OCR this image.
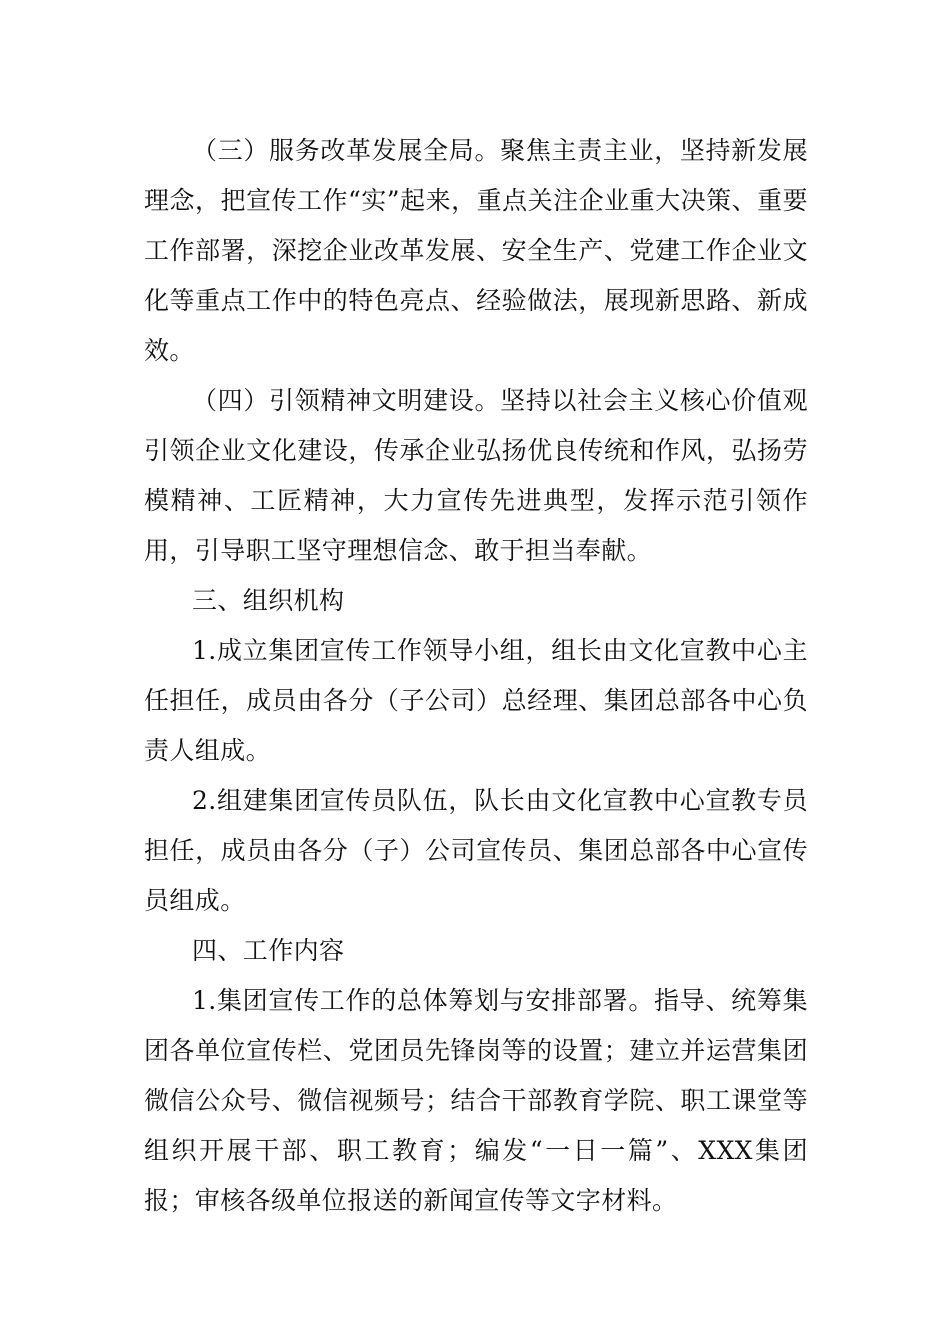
（三）服务改革发展全局。聚焦主责主业，坚持新发展理念，把宣传工作“实”起来，重点关注企业重大决策、重要工作部署，深挖企业改革发展、安全生产、党建工作企业文化等重点工作中的特色亮点、经验做法，展现新思路、新成效。

（四）引领精神文明建设。坚持以社会主义核心价值观引领企业文化建设，传承企业弘扬优良传统和作风，弘扬劳模精神、工匠精神，大力宣传先进典型，发挥示范引领作用，引导职工坚守理想信念、敢于担当奉献。

三、组织机构

1.成立集团宣传工作领导小组，组长由文化宣教中心主任担任，成员由各分（子公司）总经理、集团总部各中心负责人组成。

2.组建集团宣传员队伍，队长由文化宣教中心宣教专员担任，成员由各分（子）公司宣传员、集团总部各中心宣传员组成。

四、工作内容

1.集团宣传工作的总体筹划与安排部署。指导、统筹集团各单位宣传栏、党团员先锋岗等的设置；建立并运营集团微信公众号、微信视频号；结合干部教育学院、职工课堂等组织开展干部、职工教育；编发“一日一篇”、XXX集团报；审核各级单位报送的新闻宣传等文字材料。
